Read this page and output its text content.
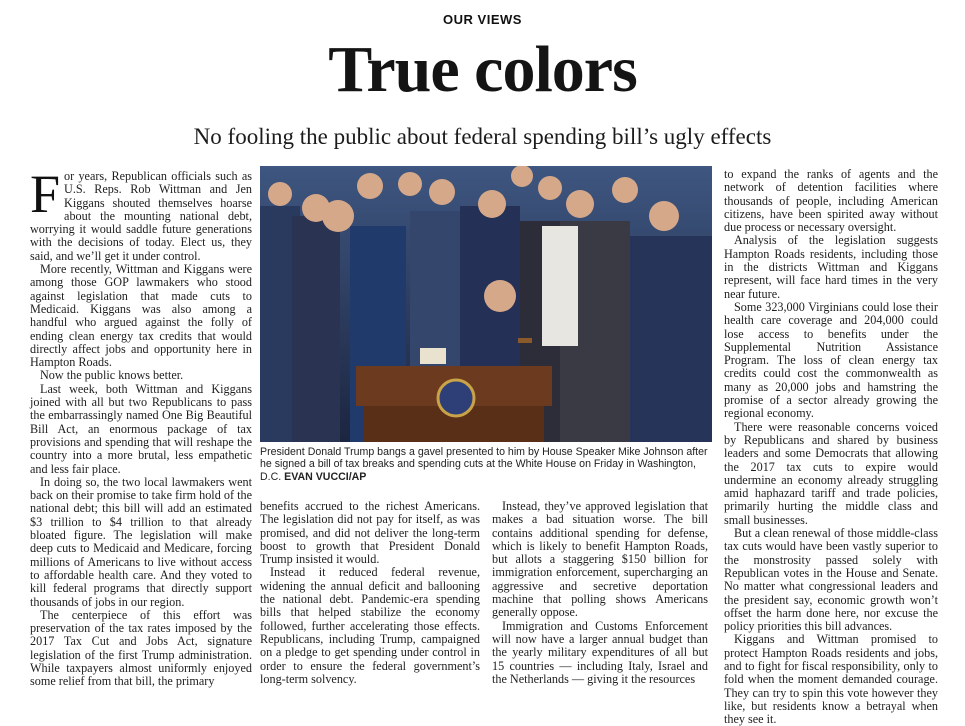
OUR VIEWS
True colors
No fooling the public about federal spending bill’s ugly effects

For years, Republican officials such as U.S. Reps. Rob Wittman and Jen Kiggans shouted themselves hoarse about the mounting national debt, worrying it would saddle future generations with the decisions of today. Elect us, they said, and we’ll get it under control.

More recently, Wittman and Kiggans were among those GOP lawmakers who stood against legislation that made cuts to Medicaid. Kiggans was also among a handful who argued against the folly of ending clean energy tax credits that would directly affect jobs and opportunity here in Hampton Roads.

Now the public knows better.

Last week, both Wittman and Kiggans joined with all but two Republicans to pass the embarrassingly named One Big Beautiful Bill Act, an enormous package of tax provisions and spending that will reshape the country into a more brutal, less empathetic and less fair place.

In doing so, the two local lawmakers went back on their promise to take firm hold of the national debt; this bill will add an estimated $3 trillion to $4 trillion to that already bloated figure. The legislation will make deep cuts to Medicaid and Medicare, forcing millions of Americans to live without access to affordable health care. And they voted to kill federal programs that directly support thousands of jobs in our region.

The centerpiece of this effort was preservation of the tax rates imposed by the 2017 Tax Cut and Jobs Act, signature legislation of the first Trump administration. While taxpayers almost uniformly enjoyed some relief from that bill, the primary

President Donald Trump bangs a gavel presented to him by House Speaker Mike Johnson after he signed a bill of tax breaks and spending cuts at the White House on Friday in Washington, D.C. EVAN VUCCI/AP

benefits accrued to the richest Americans. The legislation did not pay for itself, as was promised, and did not deliver the long-term boost to growth that President Donald Trump insisted it would.

Instead it reduced federal revenue, widening the annual deficit and ballooning the national debt. Pandemic-era spending bills that helped stabilize the economy followed, further accelerating those effects. Republicans, including Trump, campaigned on a pledge to get spending under control in order to ensure the federal government’s long-term solvency.

Instead, they’ve approved legislation that makes a bad situation worse. The bill contains additional spending for defense, which is likely to benefit Hampton Roads, but allots a staggering $150 billion for immigration enforcement, supercharging an aggressive and secretive deportation machine that polling shows Americans generally oppose.

Immigration and Customs Enforcement will now have a larger annual budget than the yearly military expenditures of all but 15 countries — including Italy, Israel and the Netherlands — giving it the resources

to expand the ranks of agents and the network of detention facilities where thousands of people, including American citizens, have been spirited away without due process or necessary oversight.

Analysis of the legislation suggests Hampton Roads residents, including those in the districts Wittman and Kiggans represent, will face hard times in the very near future.

Some 323,000 Virginians could lose their health care coverage and 204,000 could lose access to benefits under the Supplemental Nutrition Assistance Program. The loss of clean energy tax credits could cost the commonwealth as many as 20,000 jobs and hamstring the promise of a sector already growing the regional economy.

There were reasonable concerns voiced by Republicans and shared by business leaders and some Democrats that allowing the 2017 tax cuts to expire would undermine an economy already struggling amid haphazard tariff and trade policies, primarily hurting the middle class and small businesses.

But a clean renewal of those middle-class tax cuts would have been vastly superior to the monstrosity passed solely with Republican votes in the House and Senate. No matter what congressional leaders and the president say, economic growth won’t offset the harm done here, nor excuse the policy priorities this bill advances.

Kiggans and Wittman promised to protect Hampton Roads residents and jobs, and to fight for fiscal responsibility, only to fold when the moment demanded courage. They can try to spin this vote however they like, but residents know a betrayal when they see it.
